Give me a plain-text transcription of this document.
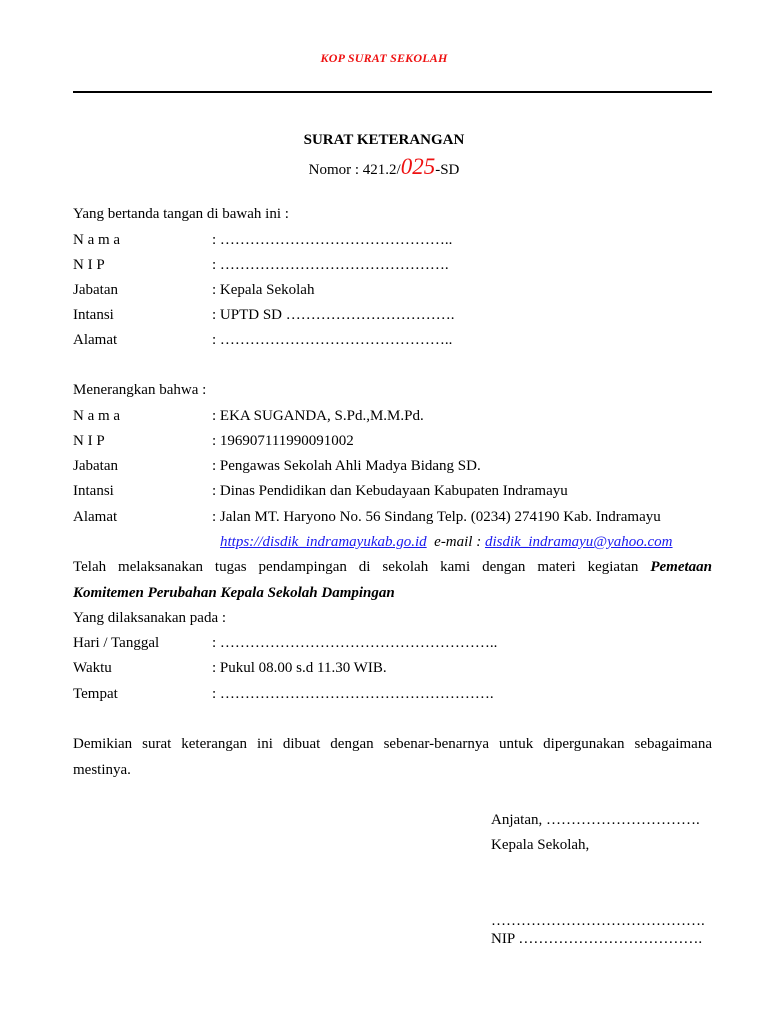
KOP SURAT SEKOLAH
SURAT KETERANGAN
Nomor : 421.2/025-SD
Yang bertanda tangan di bawah ini :
N a m a	: ………………………………………..
N I P	: ……………………………………….
Jabatan	: Kepala Sekolah
Intansi	: UPTD SD …………………………….
Alamat	: ………………………………………..
Menerangkan bahwa :
N a m a	: EKA SUGANDA, S.Pd.,M.M.Pd.
N I P	: 196907111990091002
Jabatan	: Pengawas Sekolah Ahli Madya Bidang SD.
Intansi	: Dinas Pendidikan dan Kebudayaan Kabupaten Indramayu
Alamat	: Jalan MT. Haryono No. 56 Sindang Telp. (0234) 274190 Kab. Indramayu
https://disdik_indramayukab.go.id e-mail : disdik_indramayu@yahoo.com
Telah melaksanakan tugas pendampingan di sekolah kami dengan materi kegiatan Pemetaan
Komitemen Perubahan Kepala Sekolah Dampingan
Yang dilaksanakan pada :
Hari / Tanggal	: ………………………………………………..
Waktu	: Pukul 08.00 s.d 11.30 WIB.
Tempat	: ……………………………………………….
Demikian surat keterangan ini dibuat dengan sebenar-benarnya untuk dipergunakan sebagaimana
mestinya.
Anjatan, ………………………….
Kepala Sekolah,
…………………………………….
NIP ……………………………….
